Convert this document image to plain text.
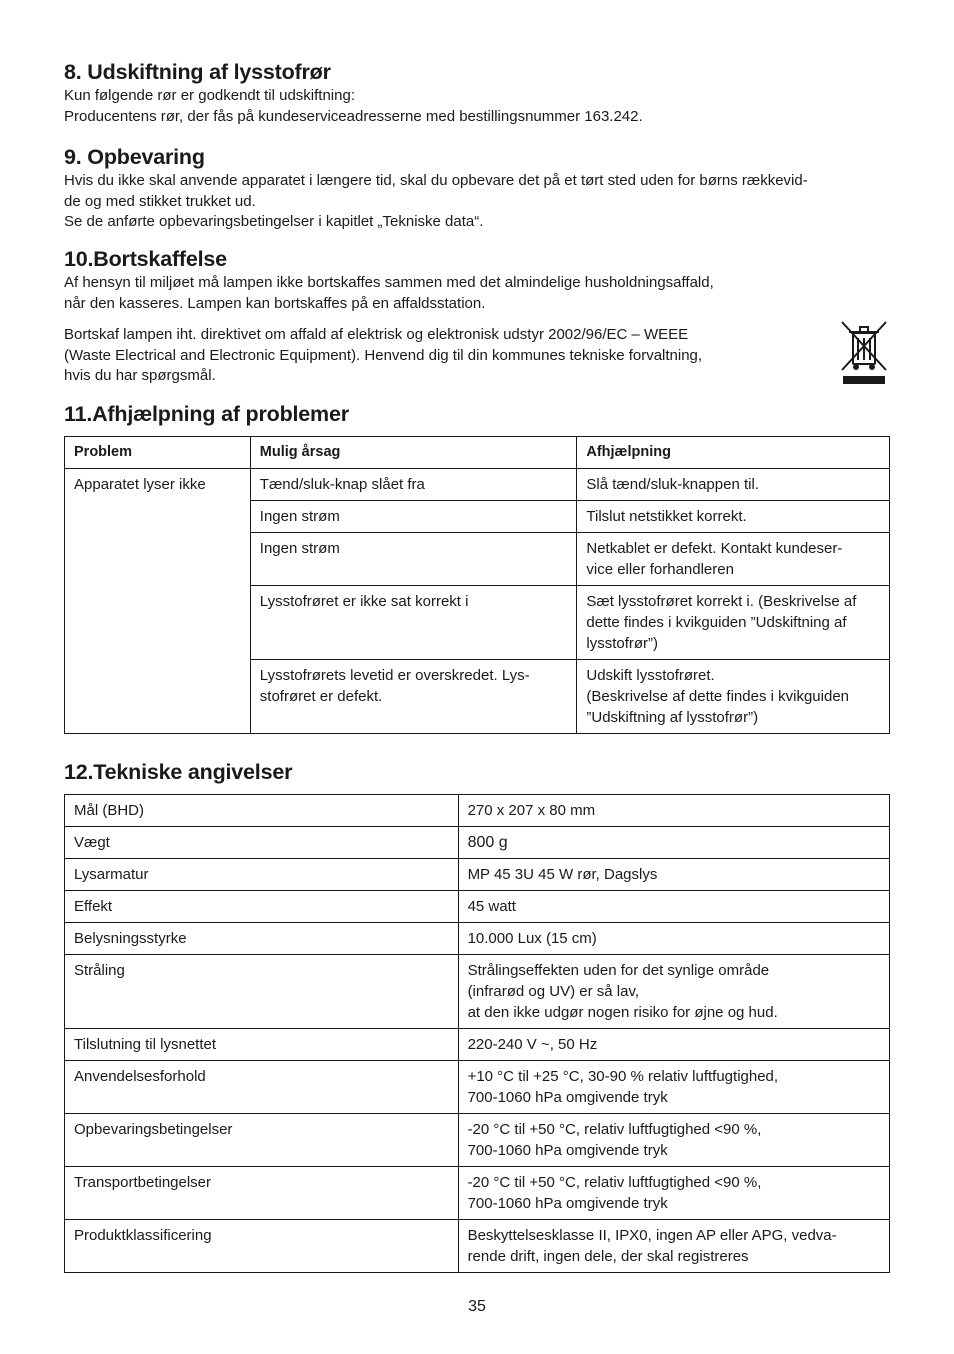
8. Udskiftning af lysstofrør

Kun følgende rør er godkendt til udskiftning:
Producentens rør, der fås på kundeserviceadresserne med bestillingsnummer 163.242.

9. Opbevaring

Hvis du ikke skal anvende apparatet i længere tid, skal du opbevare det på et tørt sted uden for børns rækkevid-
de og med stikket trukket ud.
Se de anførte opbevaringsbetingelser i kapitlet „Tekniske data“.

10.Bortskaffelse

Af hensyn til miljøet må lampen ikke bortskaffes sammen med det almindelige husholdningsaffald,
når den kasseres. Lampen kan bortskaffes på en affaldsstation.

Bortskaf lampen iht. direktivet om affald af elektrisk og elektronisk udstyr 2002/96/EC – WEEE
(Waste Electrical and Electronic Equipment). Henvend dig til din kommunes tekniske forvaltning,
hvis du har spørgsmål.

11.Afhjælpning af problemer
Problem	Mulig årsag	Afhjælpning
Apparatet lyser ikke	Tænd/sluk-knap slået fra	Slå tænd/sluk-knappen til.
	Ingen strøm	Tilslut netstikket korrekt.
	Ingen strøm	Netkablet er defekt. Kontakt kundeser-
vice eller forhandleren
	Lysstofrøret er ikke sat korrekt i	Sæt lysstofrøret korrekt i. (Beskrivelse af
dette findes i kvikguiden ”Udskiftning af
lysstofrør”)
	Lysstofrørets levetid er overskredet. Lys-
stofrøret er defekt.	Udskift lysstofrøret.
(Beskrivelse af dette findes i kvikguiden
”Udskiftning af lysstofrør”)
12.Tekniske angivelser
Mål (BHD)	270 x 207 x 80 mm
Vægt	800 g
Lysarmatur	MP 45 3U 45 W rør, Dagslys
Effekt	45 watt
Belysningsstyrke	10.000 Lux (15 cm)
Stråling	Strålingseffekten uden for det synlige område
(infrarød og UV) er så lav,
at den ikke udgør nogen risiko for øjne og hud.
Tilslutning til lysnettet	220-240 V ~, 50 Hz
Anvendelsesforhold	+10 °C til +25 °C, 30-90 % relativ luftfugtighed,
700-1060 hPa omgivende tryk
Opbevaringsbetingelser	-20 °C til +50 °C, relativ luftfugtighed <90 %,
700-1060 hPa omgivende tryk
Transportbetingelser	-20 °C til +50 °C, relativ luftfugtighed <90 %,
700-1060 hPa omgivende tryk
Produktklassificering	Beskyttelsesklasse II, IPX0, ingen AP eller APG, vedva-
rende drift, ingen dele, der skal registreres
35
